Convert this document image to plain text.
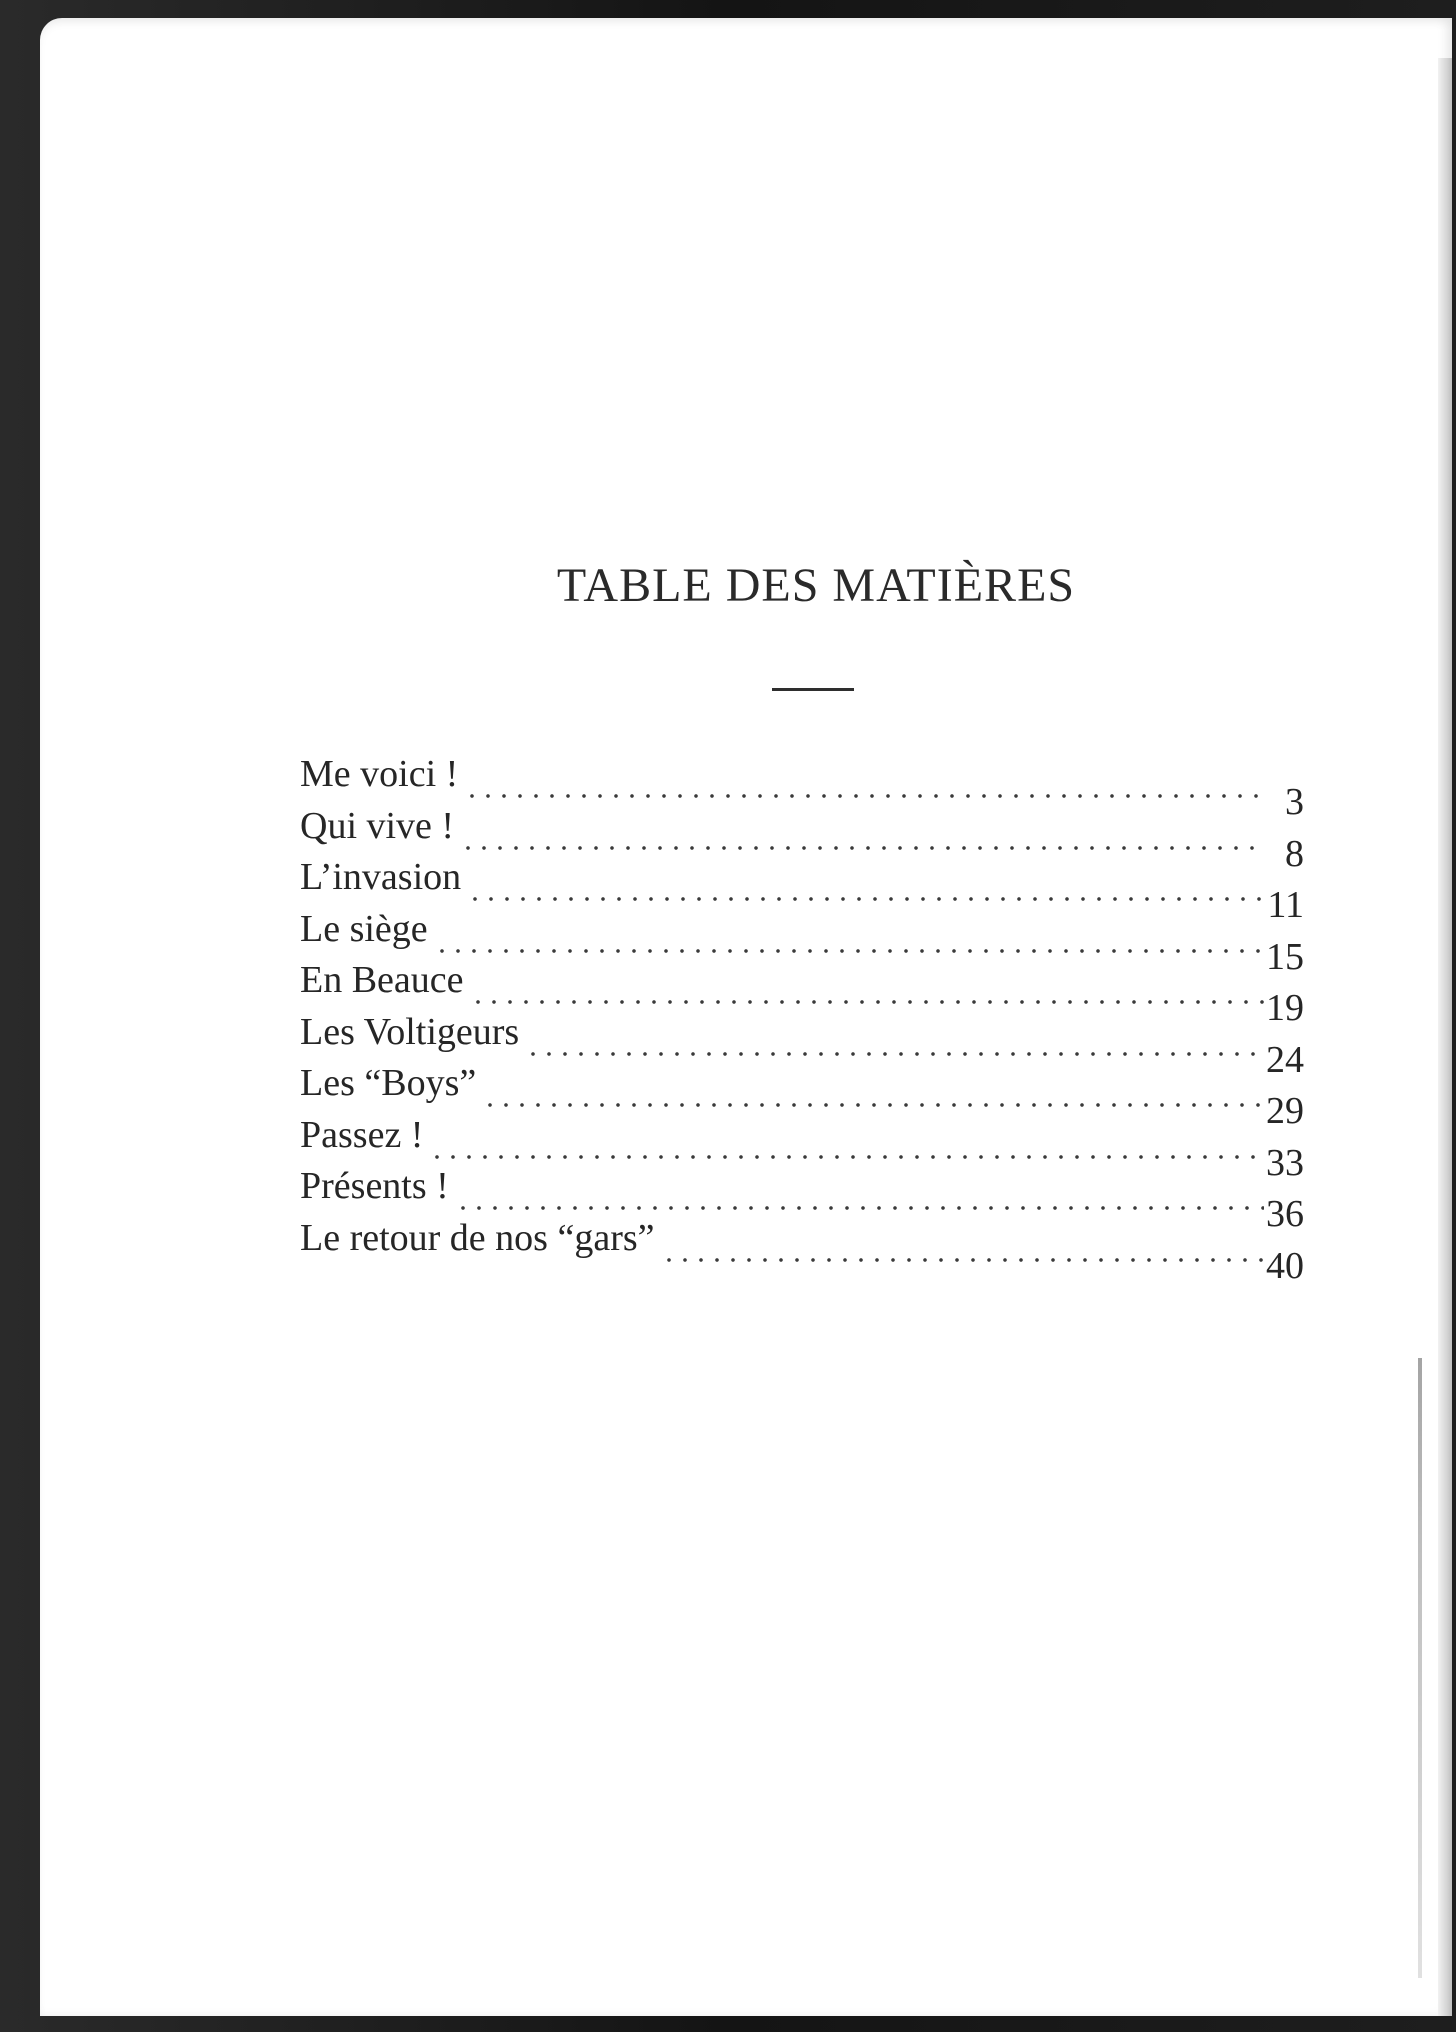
TABLE DES MATIÈRES
Me voici !
3
Qui vive !
8
L’invasion
11
Le siège
15
En Beauce
19
Les Voltigeurs
24
Les “Boys”
29
Passez !
33
Présents !
36
Le retour de nos “gars”
40
